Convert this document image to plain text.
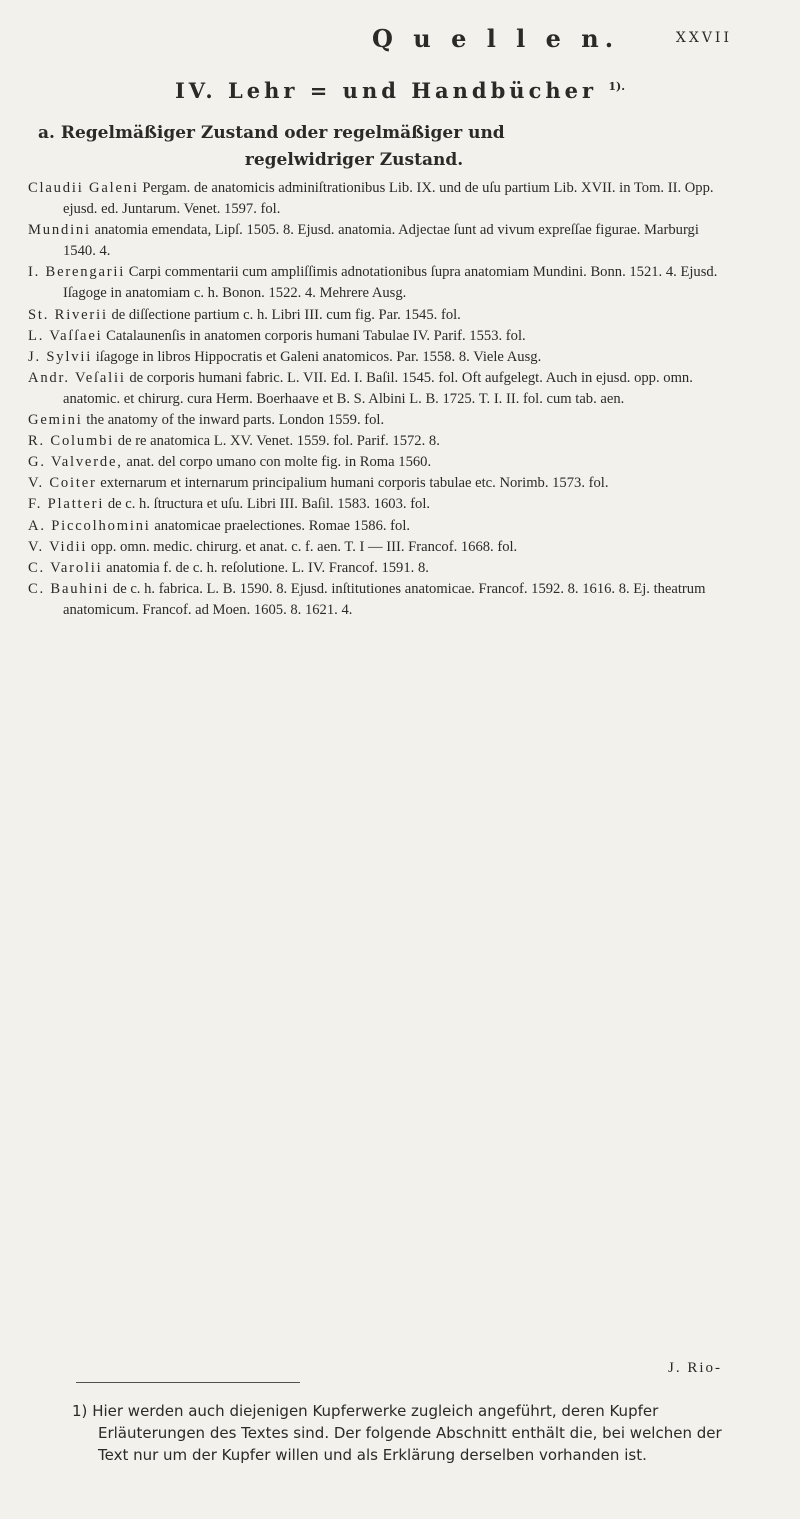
Q u e l l e n.	XXVII
IV. Lehr = und Handbücher $^{1).}$
a. Regelmäßiger Zustand oder regelmäßiger und
regelwidriger Zustand.
Claudii Galeni Pergam. de anatomicis adminiſtrationibus Lib. IX. und de uſu partium Lib. XVII. in Tom. II. Opp. ejusd. ed. Juntarum. Venet. 1597. fol.
Mundini anatomia emendata, Lipſ. 1505. 8. Ejusd. anatomia. Adjectae ſunt ad vivum expreſſae figurae. Marburgi 1540. 4.
I. Berengarii Carpi commentarii cum ampliſſimis adnotationibus ſupra anatomiam Mundini. Bonn. 1521. 4. Ejusd. Iſagoge in anatomiam c. h. Bonon. 1522. 4. Mehrere Ausg.
St. Riverii de diſſectione partium c. h. Libri III. cum fig. Par. 1545. fol.
L. Vaſſaei Catalaunenſis in anatomen corporis humani Tabulae IV. Parif. 1553. fol.
J. Sylvii iſagoge in libros Hippocratis et Galeni anatomicos. Par. 1558. 8. Viele Ausg.
Andr. Veſalii de corporis humani fabric. L. VII. Ed. I. Baſil. 1545. fol. Oft aufgelegt. Auch in ejusd. opp. omn. anatomic. et chirurg. cura Herm. Boerhaave et B. S. Albini L. B. 1725. T. I. II. fol. cum tab. aen.
Gemini the anatomy of the inward parts. London 1559. fol.
R. Columbi de re anatomica L. XV. Venet. 1559. fol. Parif. 1572. 8.
G. Valverde, anat. del corpo umano con molte fig. in Roma 1560.
V. Coiter externarum et internarum principalium humani corporis tabulae etc. Norimb. 1573. fol.
F. Platteri de c. h. ſtructura et uſu. Libri III. Baſil. 1583. 1603. fol.
A. Piccolhomini anatomicae praelectiones. Romae 1586. fol.
V. Vidii opp. omn. medic. chirurg. et anat. c. f. aen. T. I — III. Francof. 1668. fol.
C. Varolii anatomia f. de c. h. reſolutione. L. IV. Francof. 1591. 8.
C. Bauhini de c. h. fabrica. L. B. 1590. 8. Ejusd. inſtitutiones anatomicae. Francof. 1592. 8. 1616. 8. Ej. theatrum anatomicum. Francof. ad Moen. 1605. 8. 1621. 4.
J. Rio-
1) Hier werden auch diejenigen Kupferwerke zugleich angeführt, deren Kupfer Erläuterungen des Textes sind. Der folgende Abschnitt enthält die, bei welchen der Text nur um der Kupfer willen und als Erklärung derselben vorhanden ist.
